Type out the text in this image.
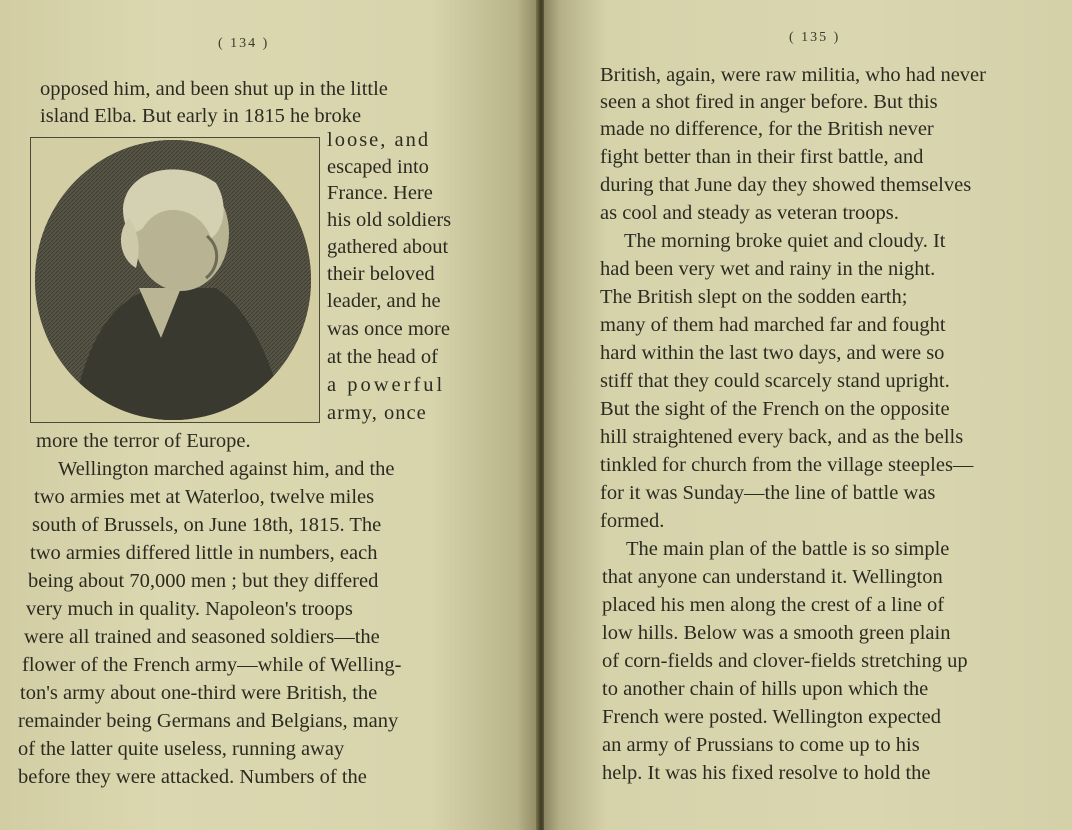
( 134 )
opposed him, and been shut up in the little
island Elba. But early in 1815 he broke
loose, and
escaped into
France. Here
his old soldiers
gathered about
their beloved
leader, and he
was once more
at the head of
a powerful
army, once
more the terror of Europe.
Wellington marched against him, and the
two armies met at Waterloo, twelve miles
south of Brussels, on June 18th, 1815. The
two armies differed little in numbers, each
being about 70,000 men ; but they differed
very much in quality. Napoleon's troops
were all trained and seasoned soldiers—the
flower of the French army—while of Welling-
ton's army about one-third were British, the
remainder being Germans and Belgians, many
of the latter quite useless, running away
before they were attacked. Numbers of the
( 135 )
British, again, were raw militia, who had never
seen a shot fired in anger before. But this
made no difference, for the British never
fight better than in their first battle, and
during that June day they showed themselves
as cool and steady as veteran troops.
The morning broke quiet and cloudy. It
had been very wet and rainy in the night.
The British slept on the sodden earth;
many of them had marched far and fought
hard within the last two days, and were so
stiff that they could scarcely stand upright.
But the sight of the French on the opposite
hill straightened every back, and as the bells
tinkled for church from the village steeples—
for it was Sunday—the line of battle was
formed.
The main plan of the battle is so simple
that anyone can understand it. Wellington
placed his men along the crest of a line of
low hills. Below was a smooth green plain
of corn-fields and clover-fields stretching up
to another chain of hills upon which the
French were posted. Wellington expected
an army of Prussians to come up to his
help. It was his fixed resolve to hold the
